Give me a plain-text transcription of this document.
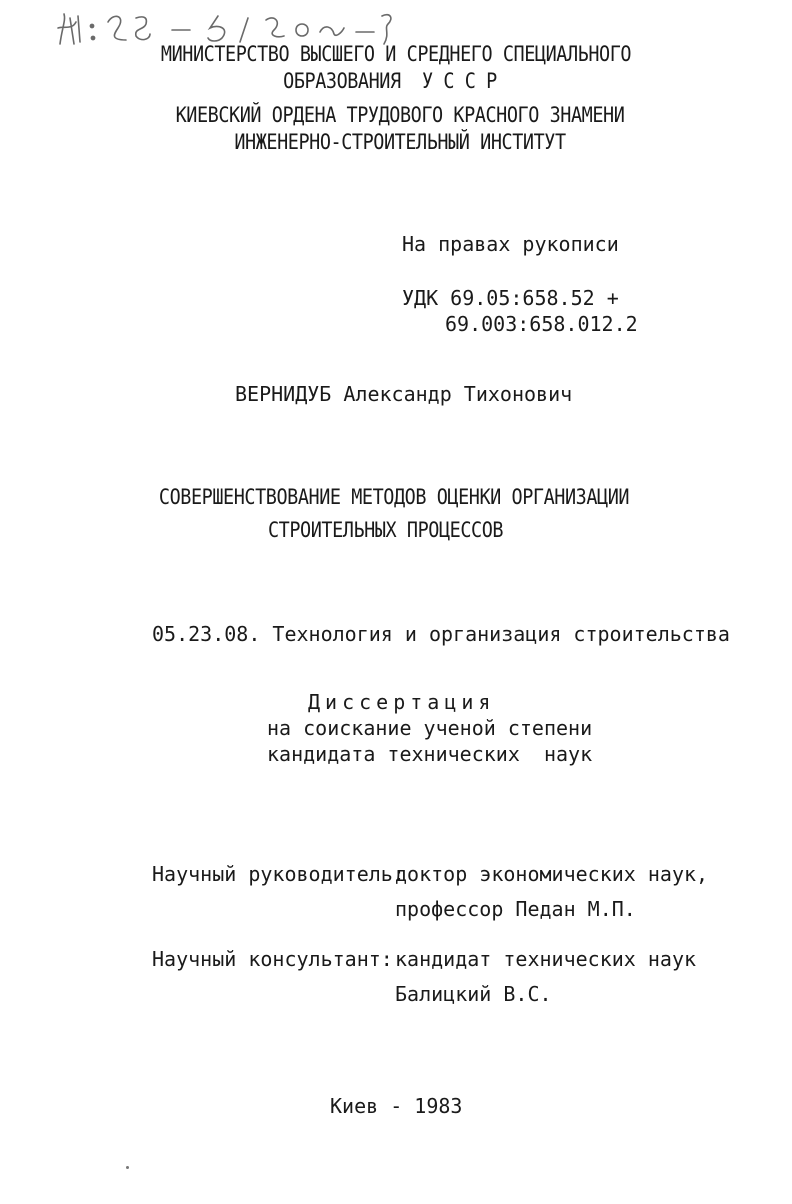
МИНИСТЕРСТВО ВЫСШЕГО И СРЕДНЕГО СПЕЦИАЛЬНОГО
ОБРАЗОВАНИЯ  У С С Р
КИЕВСКИЙ ОРДЕНА ТРУДОВОГО КРАСНОГО ЗНАМЕНИ
ИНЖЕНЕРНО-СТРОИТЕЛЬНЫЙ ИНСТИТУТ
На правах рукописи
УДК 69.05:658.52 +
69.003:658.012.2
ВЕРНИДУБ Александр Тихонович
СОВЕРШЕНСТВОВАНИЕ МЕТОДОВ ОЦЕНКИ ОРГАНИЗАЦИИ
СТРОИТЕЛЬНЫХ ПРОЦЕССОВ
05.23.08. Технология и организация строительства
Диссертация
на соискание ученой степени
кандидата технических  наук
Научный руководитель:
доктор экономических наук,
профессор Педан М.П.
Научный консультант: кандидат технических наук
Балицкий В.С.
Киев - 1983
